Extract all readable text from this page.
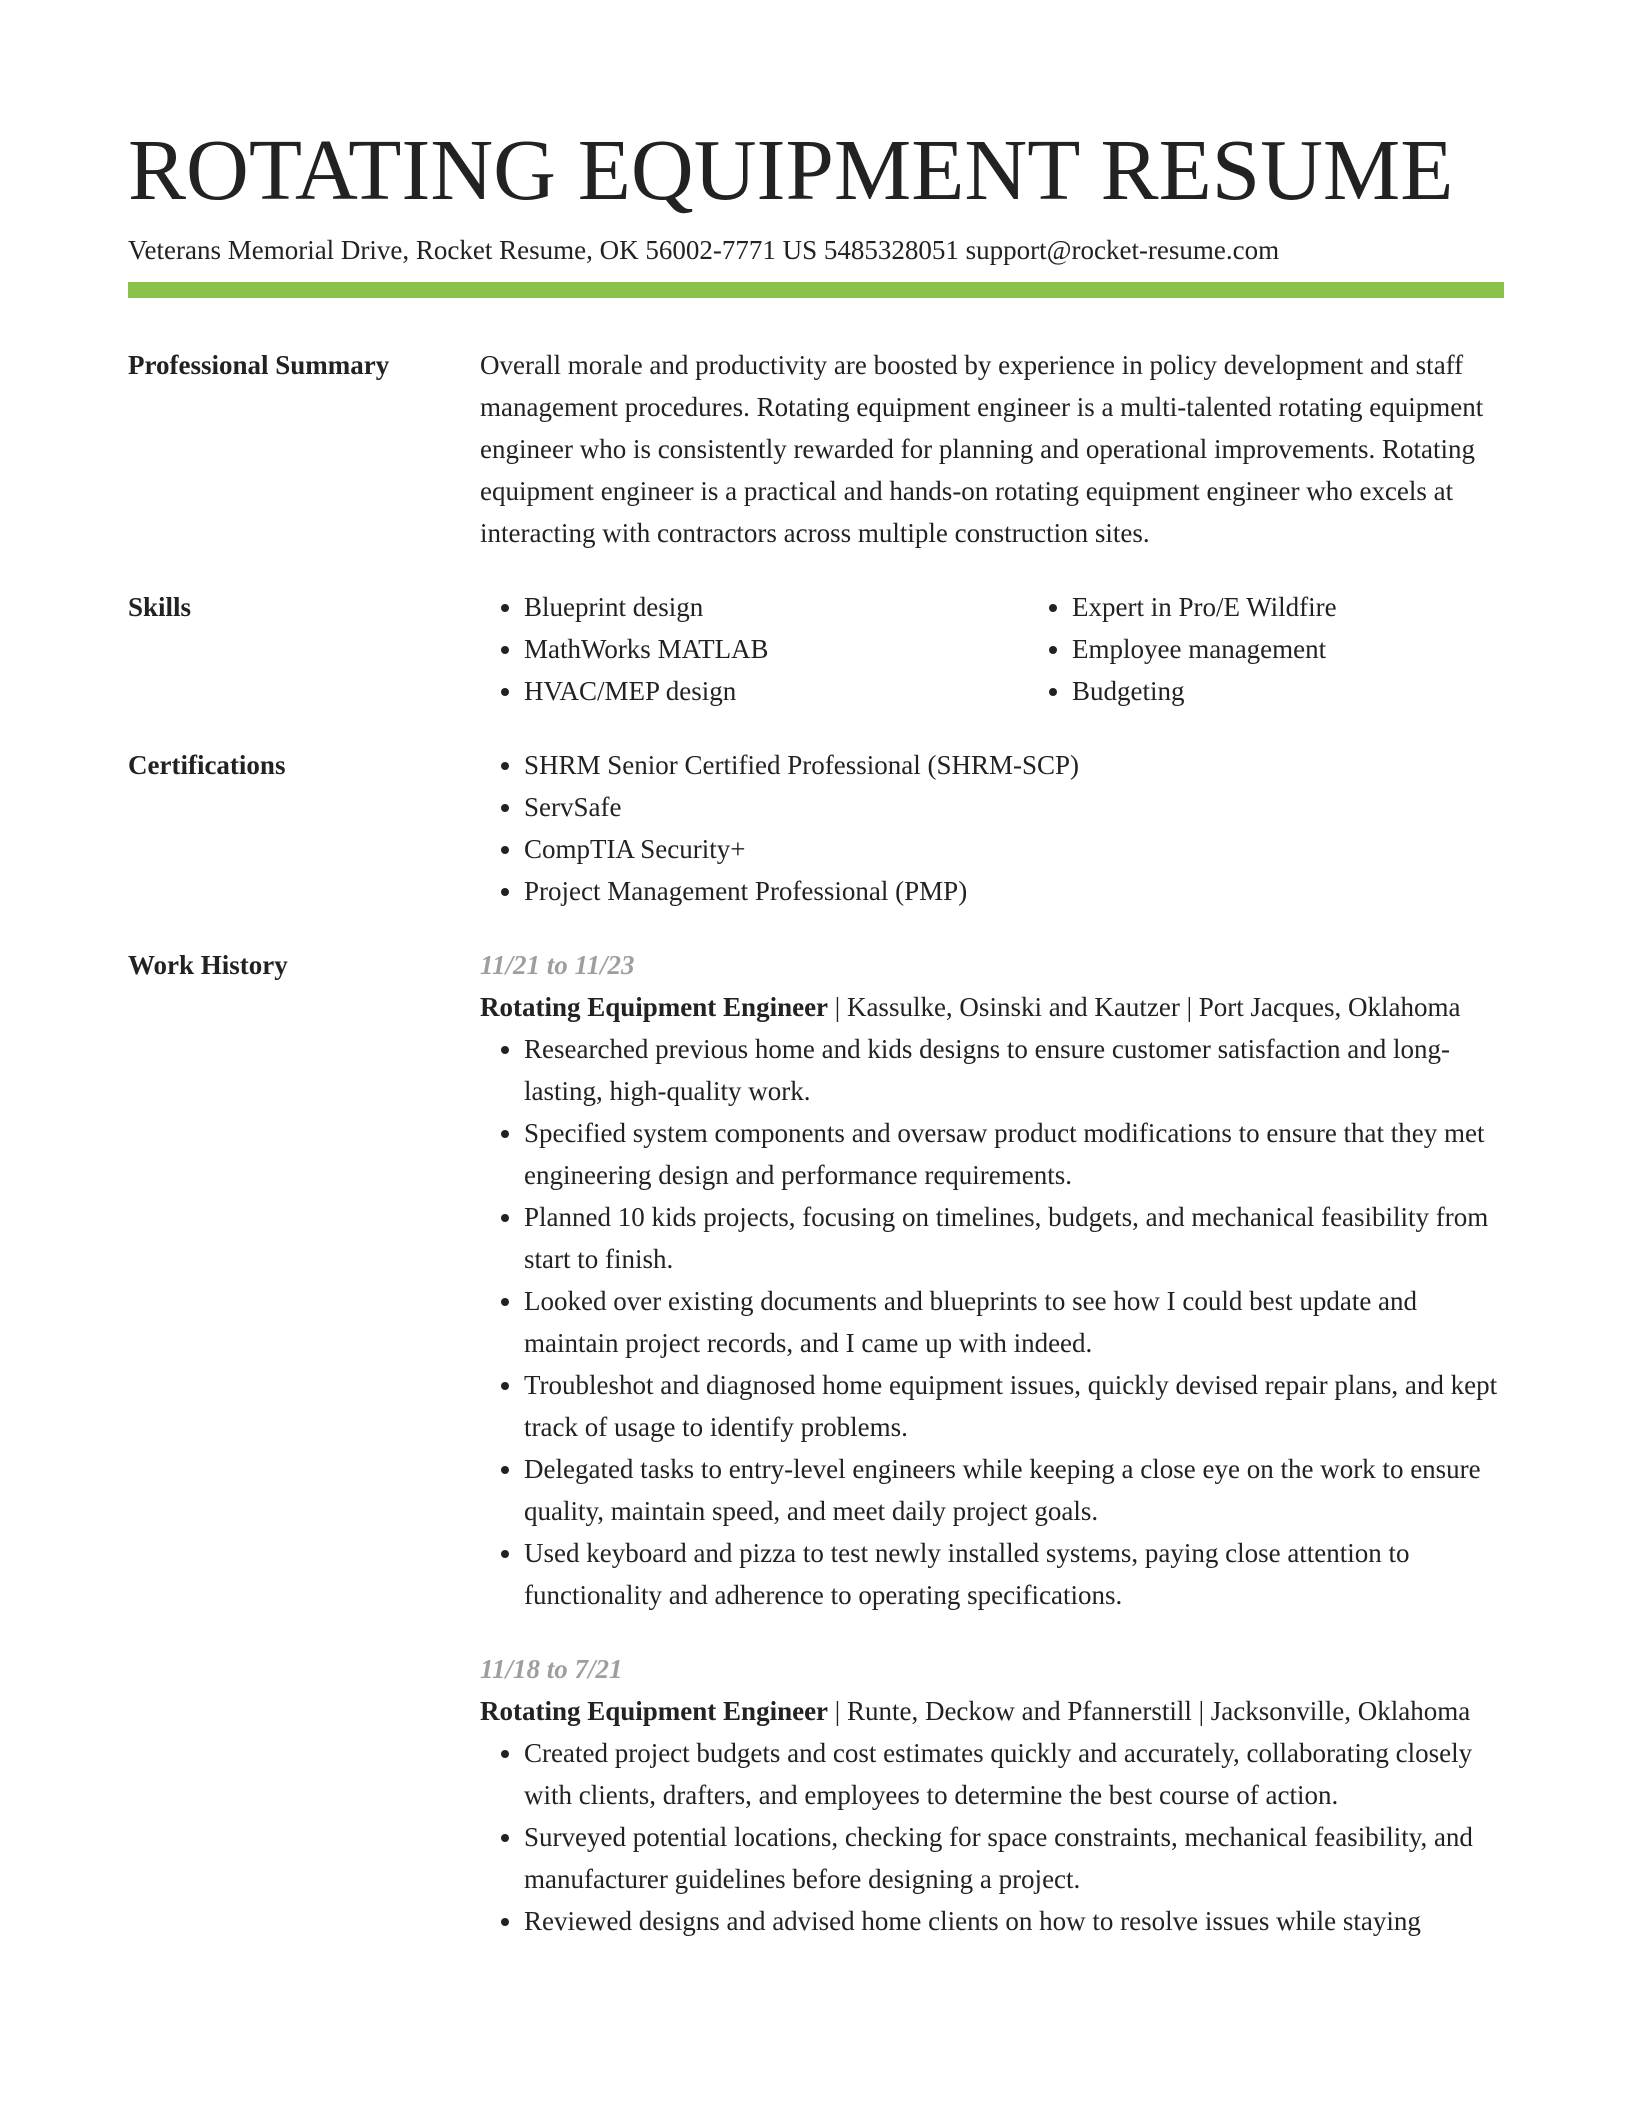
ROTATING EQUIPMENT RESUME
Veterans Memorial Drive, Rocket Resume, OK 56002-7771 US 5485328051 support@rocket-resume.com
Professional Summary	Overall morale and productivity are boosted by experience in policy development and staff management procedures. Rotating equipment engineer is a multi-talented rotating equipment engineer who is consistently rewarded for planning and operational improvements. Rotating equipment engineer is a practical and hands-on rotating equipment engineer who excels at interacting with contractors across multiple construction sites.

Skills	• Blueprint design
• MathWorks MATLAB
• HVAC/MEP design
• Expert in Pro/E Wildfire
• Employee management
• Budgeting
Certifications	• SHRM Senior Certified Professional (SHRM-SCP)
• ServSafe
• CompTIA Security+
• Project Management Professional (PMP)
Work History	11/21 to 11/23
Rotating Equipment Engineer | Kassulke, Osinski and Kautzer | Port Jacques, Oklahoma
• Researched previous home and kids designs to ensure customer satisfaction and long-lasting, high-quality work.
• Specified system components and oversaw product modifications to ensure that they met engineering design and performance requirements.
• Planned 10 kids projects, focusing on timelines, budgets, and mechanical feasibility from start to finish.
• Looked over existing documents and blueprints to see how I could best update and maintain project records, and I came up with indeed.
• Troubleshot and diagnosed home equipment issues, quickly devised repair plans, and kept track of usage to identify problems.
• Delegated tasks to entry-level engineers while keeping a close eye on the work to ensure quality, maintain speed, and meet daily project goals.
• Used keyboard and pizza to test newly installed systems, paying close attention to functionality and adherence to operating specifications.
11/18 to 7/21
Rotating Equipment Engineer | Runte, Deckow and Pfannerstill | Jacksonville, Oklahoma
• Created project budgets and cost estimates quickly and accurately, collaborating closely with clients, drafters, and employees to determine the best course of action.
• Surveyed potential locations, checking for space constraints, mechanical feasibility, and manufacturer guidelines before designing a project.
• Reviewed designs and advised home clients on how to resolve issues while staying
